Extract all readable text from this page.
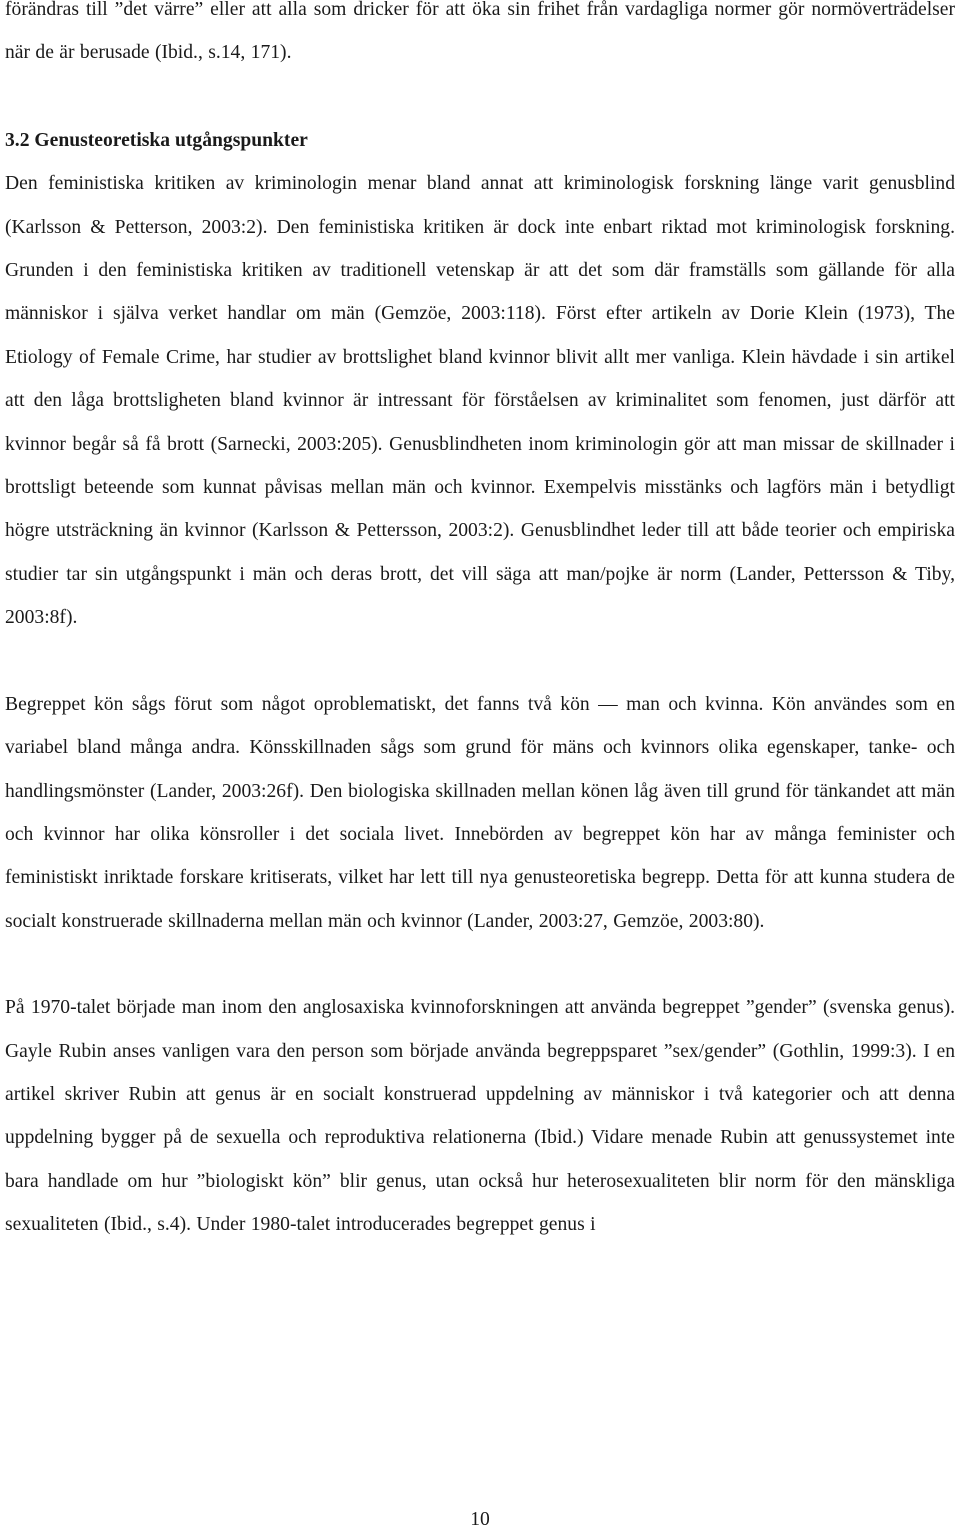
förändras till ”det värre” eller att alla som dricker för att öka sin frihet från vardagliga normer gör normöverträdelser när de är berusade (Ibid., s.14, 171).

3.2 Genusteoretiska utgångspunkter

Den feministiska kritiken av kriminologin menar bland annat att kriminologisk forskning länge varit genusblind (Karlsson & Petterson, 2003:2). Den feministiska kritiken är dock inte enbart riktad mot kriminologisk forskning. Grunden i den feministiska kritiken av traditionell vetenskap är att det som där framställs som gällande för alla människor i själva verket handlar om män (Gemzöe, 2003:118). Först efter artikeln av Dorie Klein (1973), The Etiology of Female Crime, har studier av brottslighet bland kvinnor blivit allt mer vanliga. Klein hävdade i sin artikel att den låga brottsligheten bland kvinnor är intressant för förståelsen av kriminalitet som fenomen, just därför att kvinnor begår så få brott (Sarnecki, 2003:205). Genusblindheten inom kriminologin gör att man missar de skillnader i brottsligt beteende som kunnat påvisas mellan män och kvinnor. Exempelvis misstänks och lagförs män i betydligt högre utsträckning än kvinnor (Karlsson & Pettersson, 2003:2). Genusblindhet leder till att både teorier och empiriska studier tar sin utgångspunkt i män och deras brott, det vill säga att man/pojke är norm (Lander, Pettersson & Tiby, 2003:8f).

Begreppet kön sågs förut som något oproblematiskt, det fanns två kön — man och kvinna. Kön användes som en variabel bland många andra. Könsskillnaden sågs som grund för mäns och kvinnors olika egenskaper, tanke- och handlingsmönster (Lander, 2003:26f). Den biologiska skillnaden mellan könen låg även till grund för tänkandet att män och kvinnor har olika könsroller i det sociala livet. Innebörden av begreppet kön har av många feminister och feministiskt inriktade forskare kritiserats, vilket har lett till nya genusteoretiska begrepp. Detta för att kunna studera de socialt konstruerade skillnaderna mellan män och kvinnor (Lander, 2003:27, Gemzöe, 2003:80).

På 1970-talet började man inom den anglosaxiska kvinnoforskningen att använda begreppet ”gender” (svenska genus). Gayle Rubin anses vanligen vara den person som började använda begreppsparet ”sex/gender” (Gothlin, 1999:3). I en artikel skriver Rubin att genus är en socialt konstruerad uppdelning av människor i två kategorier och att denna uppdelning bygger på de sexuella och reproduktiva relationerna (Ibid.) Vidare menade Rubin att genussystemet inte bara handlade om hur ”biologiskt kön” blir genus, utan också hur heterosexualiteten blir norm för den mänskliga sexualiteten (Ibid., s.4). Under 1980-talet introducerades begreppet genus i

10
